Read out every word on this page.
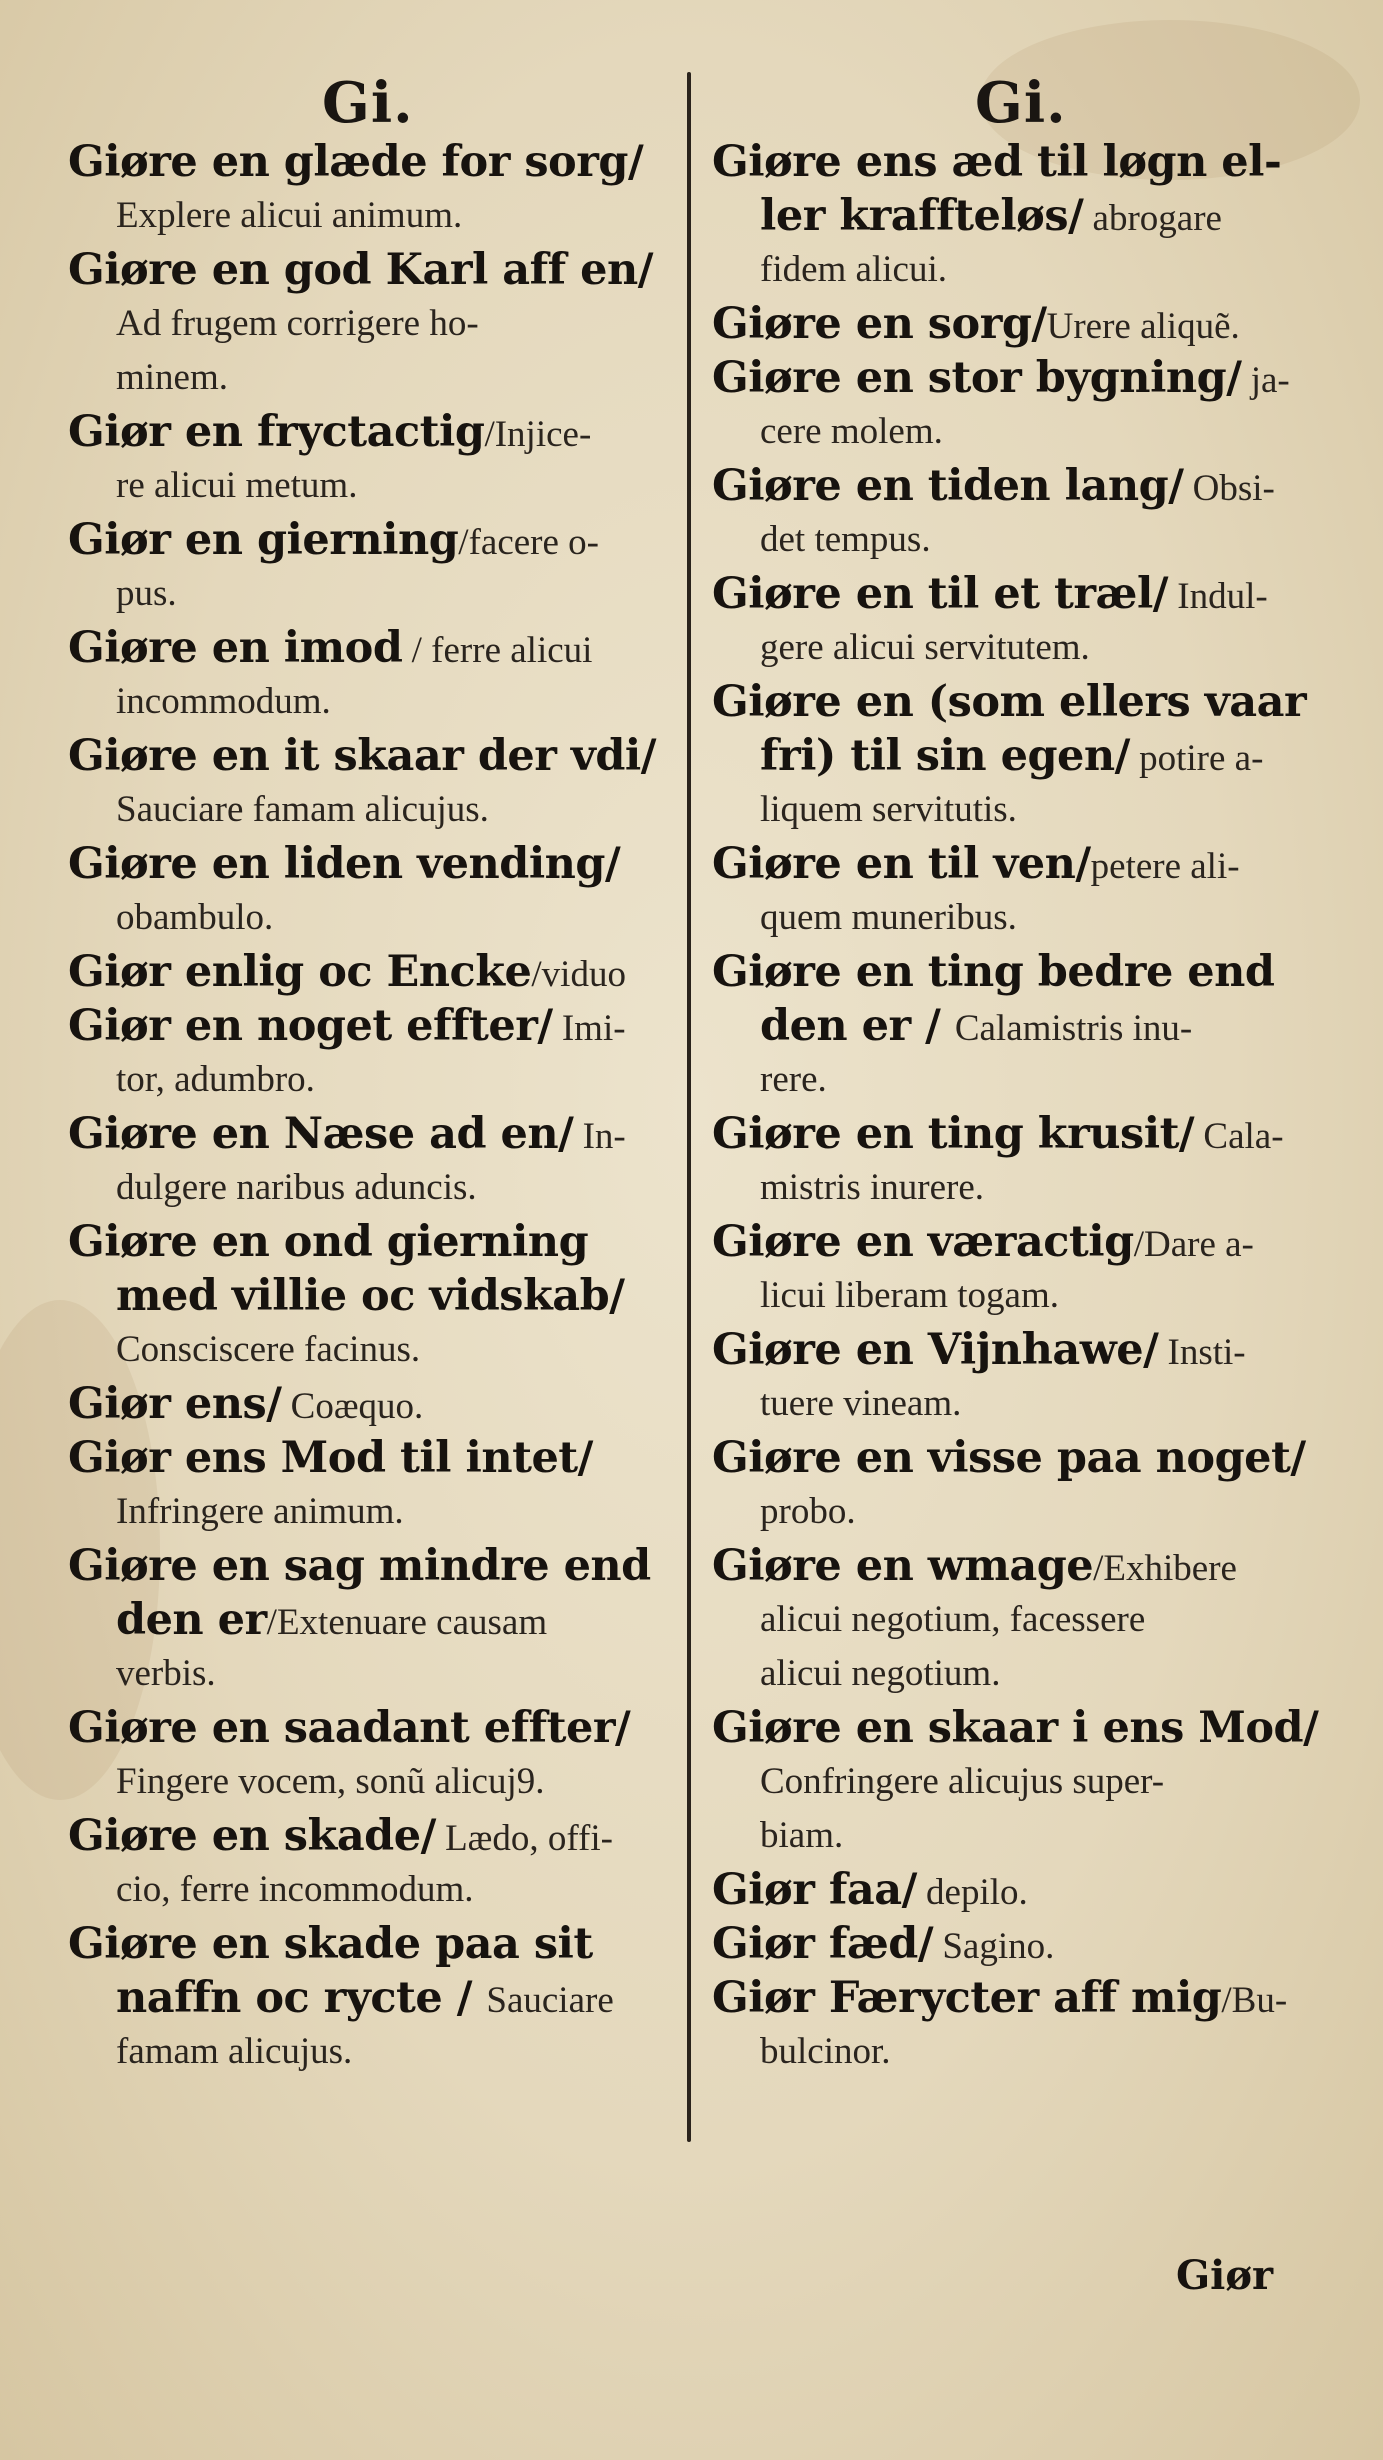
Gi.	Gi.
Giøre en glæde for sorg/
Explere alicui animum.
Giøre en god Karl aff en/
Ad frugem corrigere ho-
minem.
Giør en fryctactig/Injice-
re alicui metum.
Giør en gierning/facere o-
pus.
Giøre en imod / ferre alicui
incommodum.
Giøre en it skaar der vdi/
Sauciare famam alicujus.
Giøre en liden vending/
obambulo.
Giør enlig oc Encke/viduo
Giør en noget effter/ Imi-
tor, adumbro.
Giøre en Næse ad en/ In-
dulgere naribus aduncis.
Giøre en ond gierning
med villie oc vidskab/
Consciscere facinus.
Giør ens/ Coæquo.
Giør ens Mod til intet/
Infringere animum.
Giøre en sag mindre end
den er/Extenuare causam
verbis.
Giøre en saadant effter/
Fingere vocem, sonũ alicuj9.
Giøre en skade/ Lædo, offi-
cio, ferre incommodum.
Giøre en skade paa sit
naffn oc rycte / Sauciare
famam alicujus.
Giøre ens æd til løgn el-
ler kraffteløs/ abrogare
fidem alicui.
Giøre en sorg/Urere aliquẽ.
Giøre en stor bygning/ ja-
cere molem.
Giøre en tiden lang/ Obsi-
det tempus.
Giøre en til et træl/ Indul-
gere alicui servitutem.
Giøre en (som ellers vaar
fri) til sin egen/ potire a-
liquem servitutis.
Giøre en til ven/petere ali-
quem muneribus.
Giøre en ting bedre end
den er / Calamistris inu-
rere.
Giøre en ting krusit/ Cala-
mistris inurere.
Giøre en væractig/Dare a-
licui liberam togam.
Giøre en Vijnhawe/ Insti-
tuere vineam.
Giøre en visse paa noget/
probo.
Giøre en wmage/Exhibere
alicui negotium, facessere
alicui negotium.
Giøre en skaar i ens Mod/
Confringere alicujus super-
biam.
Giør faa/ depilo.
Giør fæd/ Sagino.
Giør Færycter aff mig/Bu-
bulcinor.
Giør
